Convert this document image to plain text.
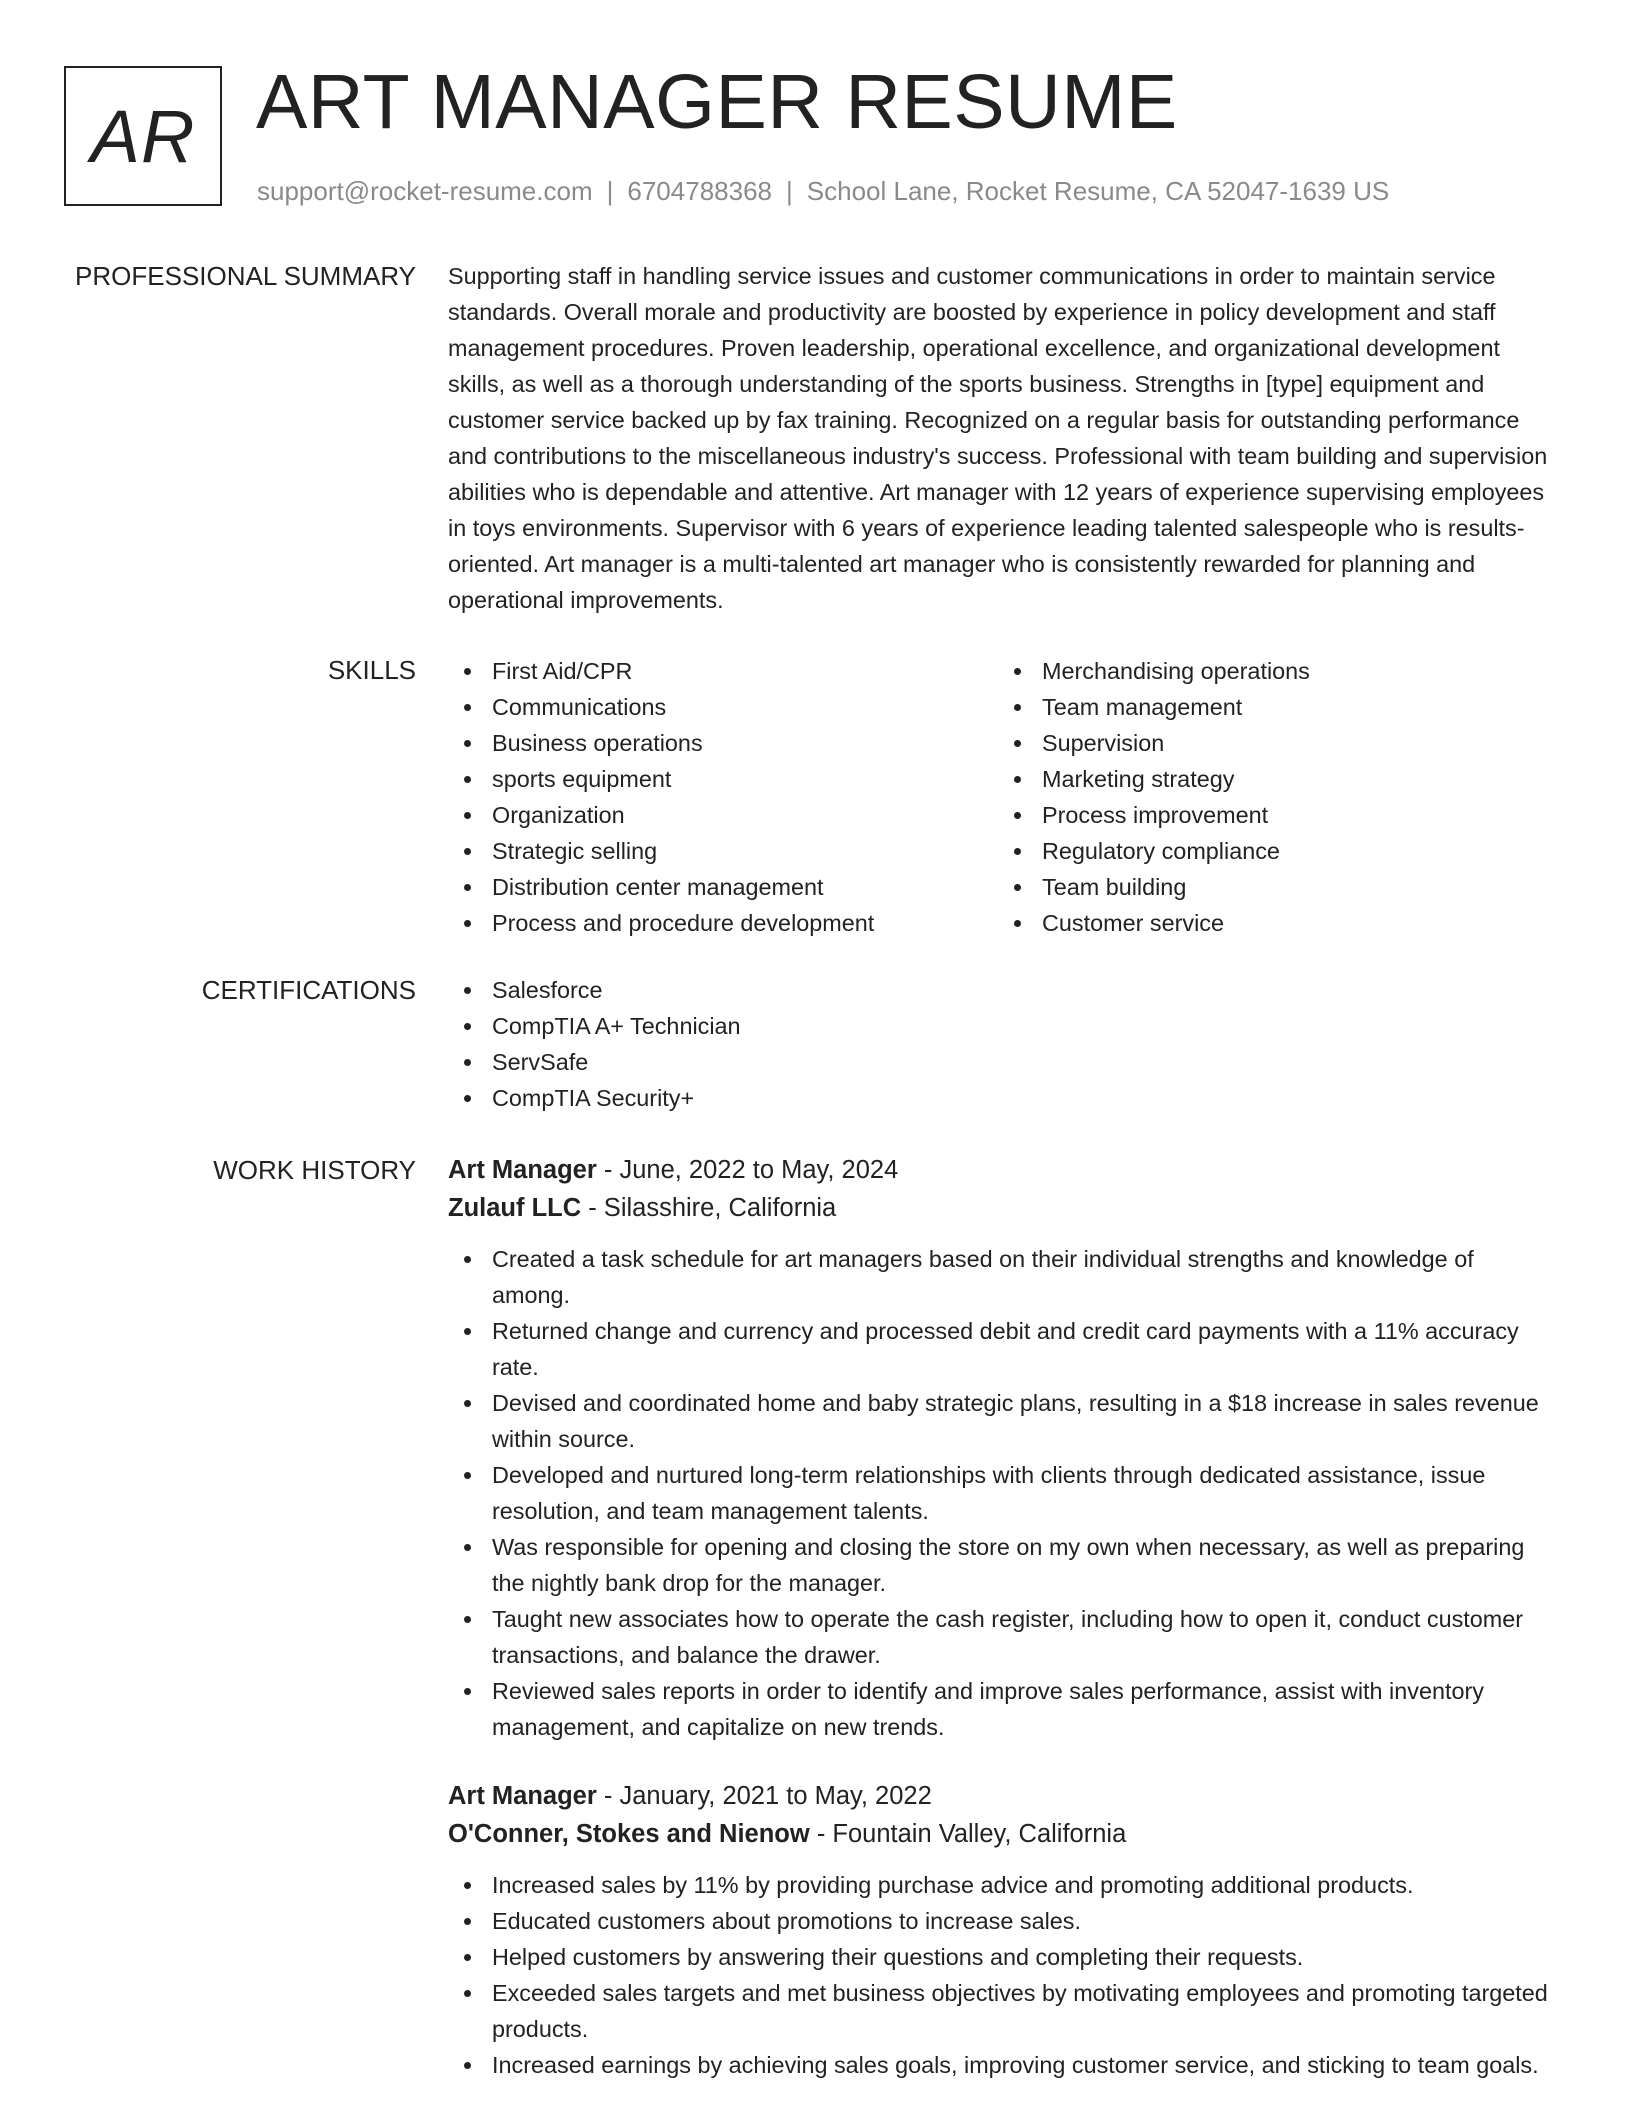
AR ART MANAGER RESUME
support@rocket-resume.com | 6704788368 | School Lane, Rocket Resume, CA 52047-1639 US
PROFESSIONAL SUMMARY Supporting staff in handling service issues and customer communications in order to maintain service standards. Overall morale and productivity are boosted by experience in policy development and staff management procedures. Proven leadership, operational excellence, and organizational development skills, as well as a thorough understanding of the sports business. Strengths in [type] equipment and customer service backed up by fax training. Recognized on a regular basis for outstanding performance and contributions to the miscellaneous industry's success. Professional with team building and supervision abilities who is dependable and attentive. Art manager with 12 years of experience supervising employees in toys environments. Supervisor with 6 years of experience leading talented salespeople who is results-oriented. Art manager is a multi-talented art manager who is consistently rewarded for planning and operational improvements.

SKILLS	First Aid/CPR
Communications
Business operations
sports equipment
Organization
Strategic selling
Distribution center management
Process and procedure development
Merchandising operations
Team management
Supervision
Marketing strategy
Process improvement
Regulatory compliance
Team building
Customer service
CERTIFICATIONS	Salesforce
CompTIA A+ Technician
ServSafe
CompTIA Security+
WORK HISTORY Art Manager - June, 2022 to May, 2024
Zulauf LLC - Silasshire, California
Created a task schedule for art managers based on their individual strengths and knowledge of among.
Returned change and currency and processed debit and credit card payments with a 11% accuracy rate.
Devised and coordinated home and baby strategic plans, resulting in a $18 increase in sales revenue within source.
Developed and nurtured long-term relationships with clients through dedicated assistance, issue resolution, and team management talents.
Was responsible for opening and closing the store on my own when necessary, as well as preparing the nightly bank drop for the manager.
Taught new associates how to operate the cash register, including how to open it, conduct customer transactions, and balance the drawer.
Reviewed sales reports in order to identify and improve sales performance, assist with inventory management, and capitalize on new trends.
Art Manager - January, 2021 to May, 2022
O'Conner, Stokes and Nienow - Fountain Valley, California
Increased sales by 11% by providing purchase advice and promoting additional products.
Educated customers about promotions to increase sales.
Helped customers by answering their questions and completing their requests.
Exceeded sales targets and met business objectives by motivating employees and promoting targeted products.
Increased earnings by achieving sales goals, improving customer service, and sticking to team goals.
